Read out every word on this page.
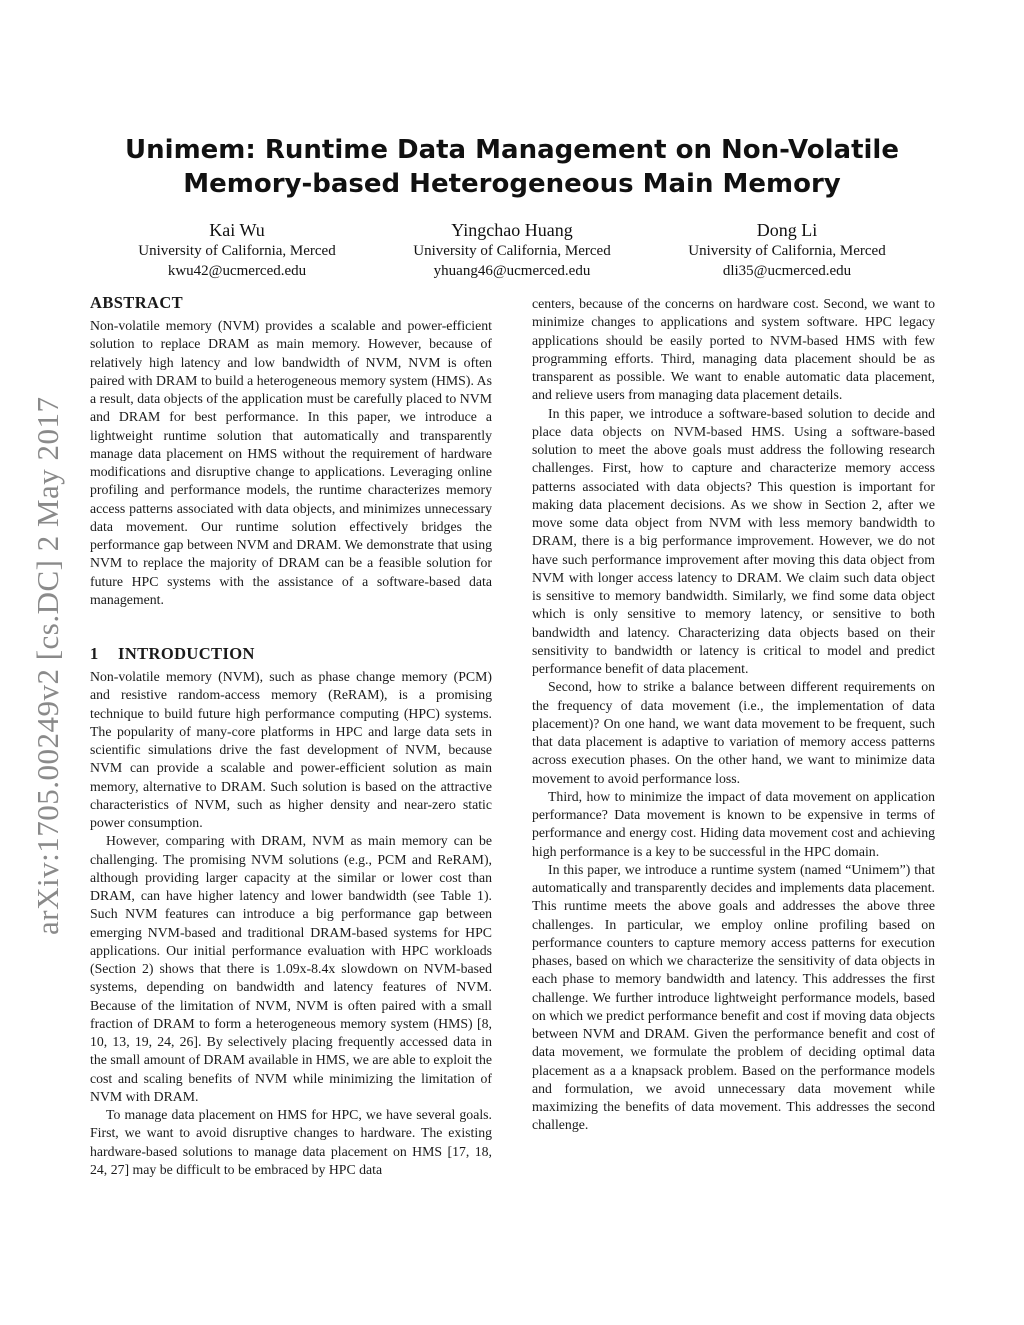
Unimem: Runtime Data Management on Non-Volatile
Memory-based Heterogeneous Main Memory
Kai Wu
University of California, Merced
kwu42@ucmerced.edu
Yingchao Huang
University of California, Merced
yhuang46@ucmerced.edu
Dong Li
University of California, Merced
dli35@ucmerced.edu
arXiv:1705.00249v2 [cs.DC] 2 May 2017
ABSTRACT

Non-volatile memory (NVM) provides a scalable and power-efficient solution to replace DRAM as main memory. However, because of relatively high latency and low bandwidth of NVM, NVM is often paired with DRAM to build a heterogeneous memory system (HMS). As a result, data objects of the application must be carefully placed to NVM and DRAM for best performance. In this paper, we introduce a lightweight runtime solution that automatically and transparently manage data placement on HMS without the requirement of hardware modifications and disruptive change to applications. Leveraging online profiling and performance models, the runtime characterizes memory access patterns associated with data objects, and minimizes unnecessary data movement. Our runtime solution effectively bridges the performance gap between NVM and DRAM. We demonstrate that using NVM to replace the majority of DRAM can be a feasible solution for future HPC systems with the assistance of a software-based data management.

1 INTRODUCTION

Non-volatile memory (NVM), such as phase change memory (PCM) and resistive random-access memory (ReRAM), is a promising technique to build future high performance computing (HPC) systems. The popularity of many-core platforms in HPC and large data sets in scientific simulations drive the fast development of NVM, because NVM can provide a scalable and power-efficient solution as main memory, alternative to DRAM. Such solution is based on the attractive characteristics of NVM, such as higher density and near-zero static power consumption.

However, comparing with DRAM, NVM as main memory can be challenging. The promising NVM solutions (e.g., PCM and ReRAM), although providing larger capacity at the similar or lower cost than DRAM, can have higher latency and lower bandwidth (see Table 1). Such NVM features can introduce a big performance gap between emerging NVM-based and traditional DRAM-based systems for HPC applications. Our initial performance evaluation with HPC workloads (Section 2) shows that there is 1.09x-8.4x slowdown on NVM-based systems, depending on bandwidth and latency features of NVM. Because of the limitation of NVM, NVM is often paired with a small fraction of DRAM to form a heterogeneous memory system (HMS) [8, 10, 13, 19, 24, 26]. By selectively placing frequently accessed data in the small amount of DRAM available in HMS, we are able to exploit the cost and scaling benefits of NVM while minimizing the limitation of NVM with DRAM.

To manage data placement on HMS for HPC, we have several goals. First, we want to avoid disruptive changes to hardware. The existing hardware-based solutions to manage data placement on HMS [17, 18, 24, 27] may be difficult to be embraced by HPC data

centers, because of the concerns on hardware cost. Second, we want to minimize changes to applications and system software. HPC legacy applications should be easily ported to NVM-based HMS with few programming efforts. Third, managing data placement should be as transparent as possible. We want to enable automatic data placement, and relieve users from managing data placement details.

In this paper, we introduce a software-based solution to decide and place data objects on NVM-based HMS. Using a software-based solution to meet the above goals must address the following research challenges. First, how to capture and characterize memory access patterns associated with data objects? This question is important for making data placement decisions. As we show in Section 2, after we move some data object from NVM with less memory bandwidth to DRAM, there is a big performance improvement. However, we do not have such performance improvement after moving this data object from NVM with longer access latency to DRAM. We claim such data object is sensitive to memory bandwidth. Similarly, we find some data object which is only sensitive to memory latency, or sensitive to both bandwidth and latency. Characterizing data objects based on their sensitivity to bandwidth or latency is critical to model and predict performance benefit of data placement.

Second, how to strike a balance between different requirements on the frequency of data movement (i.e., the implementation of data placement)? On one hand, we want data movement to be frequent, such that data placement is adaptive to variation of memory access patterns across execution phases. On the other hand, we want to minimize data movement to avoid performance loss.

Third, how to minimize the impact of data movement on application performance? Data movement is known to be expensive in terms of performance and energy cost. Hiding data movement cost and achieving high performance is a key to be successful in the HPC domain.

In this paper, we introduce a runtime system (named “Unimem”) that automatically and transparently decides and implements data placement. This runtime meets the above goals and addresses the above three challenges. In particular, we employ online profiling based on performance counters to capture memory access patterns for execution phases, based on which we characterize the sensitivity of data objects in each phase to memory bandwidth and latency. This addresses the first challenge. We further introduce lightweight performance models, based on which we predict performance benefit and cost if moving data objects between NVM and DRAM. Given the performance benefit and cost of data movement, we formulate the problem of deciding optimal data placement as a a knapsack problem. Based on the performance models and formulation, we avoid unnecessary data movement while maximizing the benefits of data movement. This addresses the second challenge.
